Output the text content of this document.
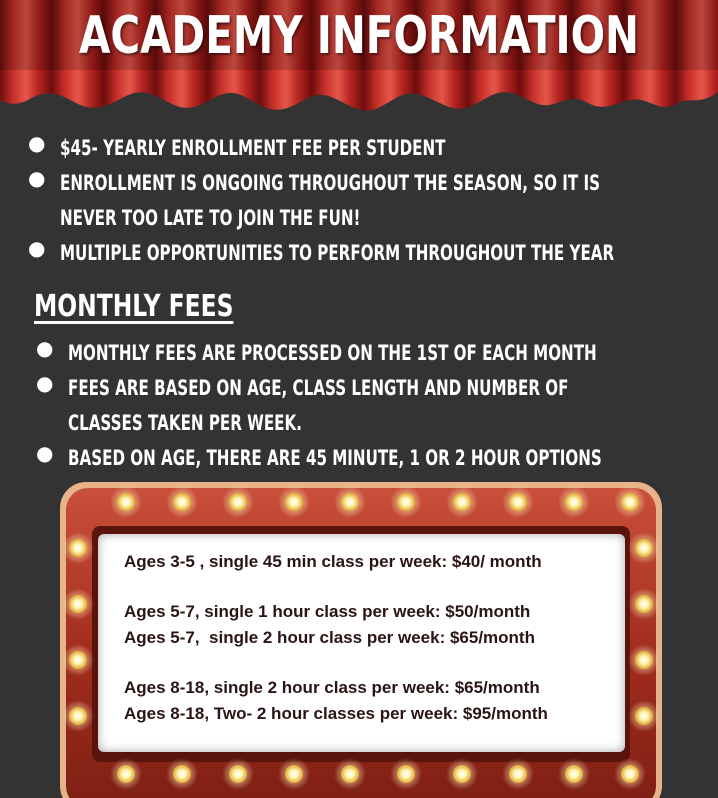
ACADEMY INFORMATION
● $45- YEARLY ENROLLMENT FEE PER STUDENT
● ENROLLMENT IS ONGOING THROUGHOUT THE SEASON, SO IT IS NEVER TOO LATE TO JOIN THE FUN!
● MULTIPLE OPPORTUNITIES TO PERFORM THROUGHOUT THE YEAR
MONTHLY FEES
● MONTHLY FEES ARE PROCESSED ON THE 1ST OF EACH MONTH
● FEES ARE BASED ON AGE, CLASS LENGTH AND NUMBER OF CLASSES TAKEN PER WEEK.
● BASED ON AGE, THERE ARE 45 MINUTE, 1 OR 2 HOUR OPTIONS
Ages 3-5 , single 45 min class per week: $40/ month
Ages 5-7, single 1 hour class per week: $50/month
Ages 5-7,  single 2 hour class per week: $65/month
Ages 8-18, single 2 hour class per week: $65/month
Ages 8-18, Two- 2 hour classes per week: $95/month
